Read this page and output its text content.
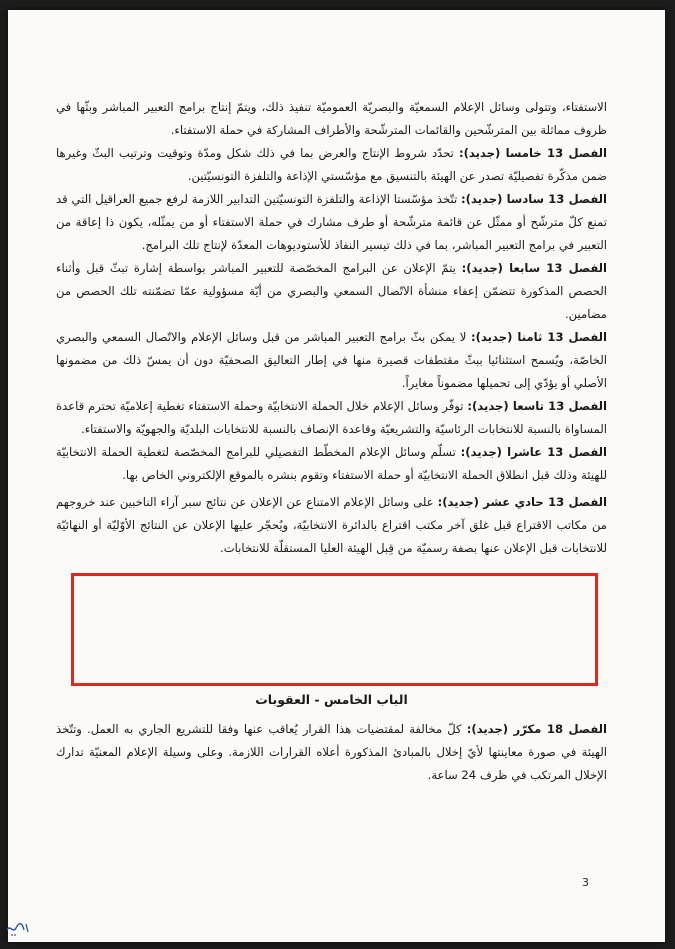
الاستفتاء، وتتولى وسائل الإعلام السمعيّة والبصريّة العموميّة تنفيذ ذلك، ويتمّ إنتاج برامج التعبير المباشر وبثّها في ظروف مماثلة بين المترشّحين والقائمات المترشّحة والأطراف المشاركة في حملة الاستفتاء.

الفصل 13 خامسا (جديد): تحدّد شروط الإنتاج والعرض بما في ذلك شكل ومدّة وتوقيت وترتيب البثّ وغيرها ضمن مذكّرة تفصيليّة تصدر عن الهيئة بالتنسيق مع مؤسّستي الإذاعة والتلفزة التونسيّتين.

الفصل 13 سادسا (جديد): تتّخذ مؤسّستا الإذاعة والتلفزة التونسيّتين التدابير اللازمة لرفع جميع العراقيل التي قد تمنع كلّ مترشّح أو ممثّل عن قائمة مترشّحة أو طرف مشارك في حملة الاستفتاء أو من يمثّله، يكون ذا إعاقة من التعبير في برامج التعبير المباشر، بما في ذلك تيسير النفاذ للأستوديوهات المعدّة لإنتاج تلك البرامج.

الفصل 13 سابعا (جديد): يتمّ الإعلان عن البرامج المخصّصة للتعبير المباشر بواسطة إشارة تبثّ قبل وأثناء الحصص المذكورة تتضمّن إعفاء منشأة الاتّصال السمعي والبصري من أيّة مسؤولية عمّا تضمّنته تلك الحصص من مضامين.

الفصل 13 ثامنا (جديد): لا يمكن بثّ برامج التعبير المباشر من قبل وسائل الإعلام والاتّصال السمعي والبصري الخاصّة، ويُسمح استثنائيا ببثّ مقتطفات قصيرة منها في إطار التعاليق الصحفيّة دون أن يمسّ ذلك من مضمونها الأصلي أو يؤدّي إلى تحميلها مضموناً مغايراً.

الفصل 13 تاسعا (جديد): توفّر وسائل الإعلام خلال الحملة الانتخابيّة وحملة الاستفتاء تغطية إعلاميّة تحترم قاعدة المساواة بالنسبة للانتخابات الرئاسيّة والتشريعيّة وقاعدة الإنصاف بالنسبة للانتخابات البلديّة والجهويّة والاستفتاء.

الفصل 13 عاشرا (جديد): تسلّم وسائل الإعلام المخطّط التفصيلي للبرامج المخصّصة لتغطية الحملة الانتخابيّة للهيئة وذلك قبل انطلاق الحملة الانتخابيّة أو حملة الاستفتاء وتقوم بنشره بالموقع الإلكتروني الخاص بها.

الفصل 13 حادي عشر (جديد): على وسائل الإعلام الامتناع عن الإعلان عن نتائج سبر آراء الناخبين عند خروجهم من مكاتب الاقتراع قبل غلق آخر مكتب اقتراع بالدائرة الانتخابيّة، ويُحجّر عليها الإعلان عن النتائج الأوّليّة أو النهائيّة للانتخابات قبل الإعلان عنها بصفة رسميّة من قِبل الهيئة العليا المستقلّة للانتخابات.

الباب الخامس - العقوبات

الفصل 18 مكرّر (جديد): كلّ مخالفة لمقتضيات هذا القرار يُعاقب عنها وفقا للتشريع الجاري به العمل. وتتّخذ الهيئة في صورة معاينتها لأيّ إخلال بالمبادئ المذكورة أعلاه القرارات اللازمة. وعلى وسيلة الإعلام المعنيّة تدارك الإخلال المرتكب في ظرف 24 ساعة.

3
